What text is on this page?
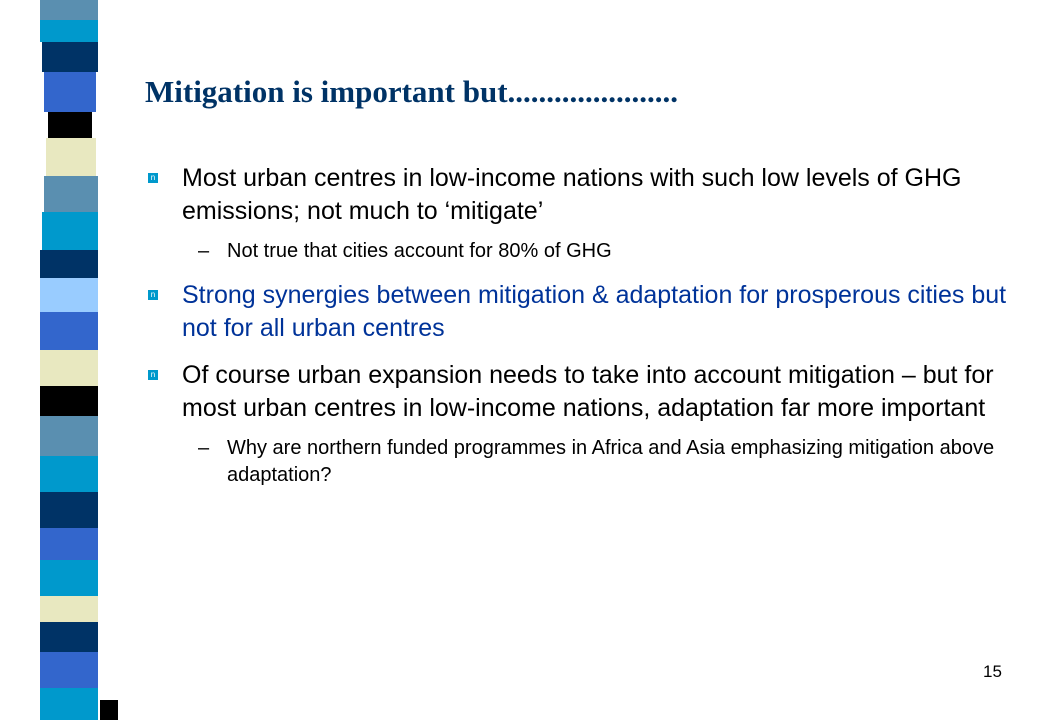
Mitigation is important but......................
n Most urban centres in low-income nations with such low levels of GHG emissions; not much to ‘mitigate’
– Not true that cities account for 80% of GHG
n Strong synergies between mitigation & adaptation for prosperous cities but not for all urban centres
n Of course urban expansion needs to take into account mitigation – but for most urban centres in low-income nations, adaptation far more important
– Why are northern funded programmes in Africa and Asia emphasizing mitigation above adaptation?
15
